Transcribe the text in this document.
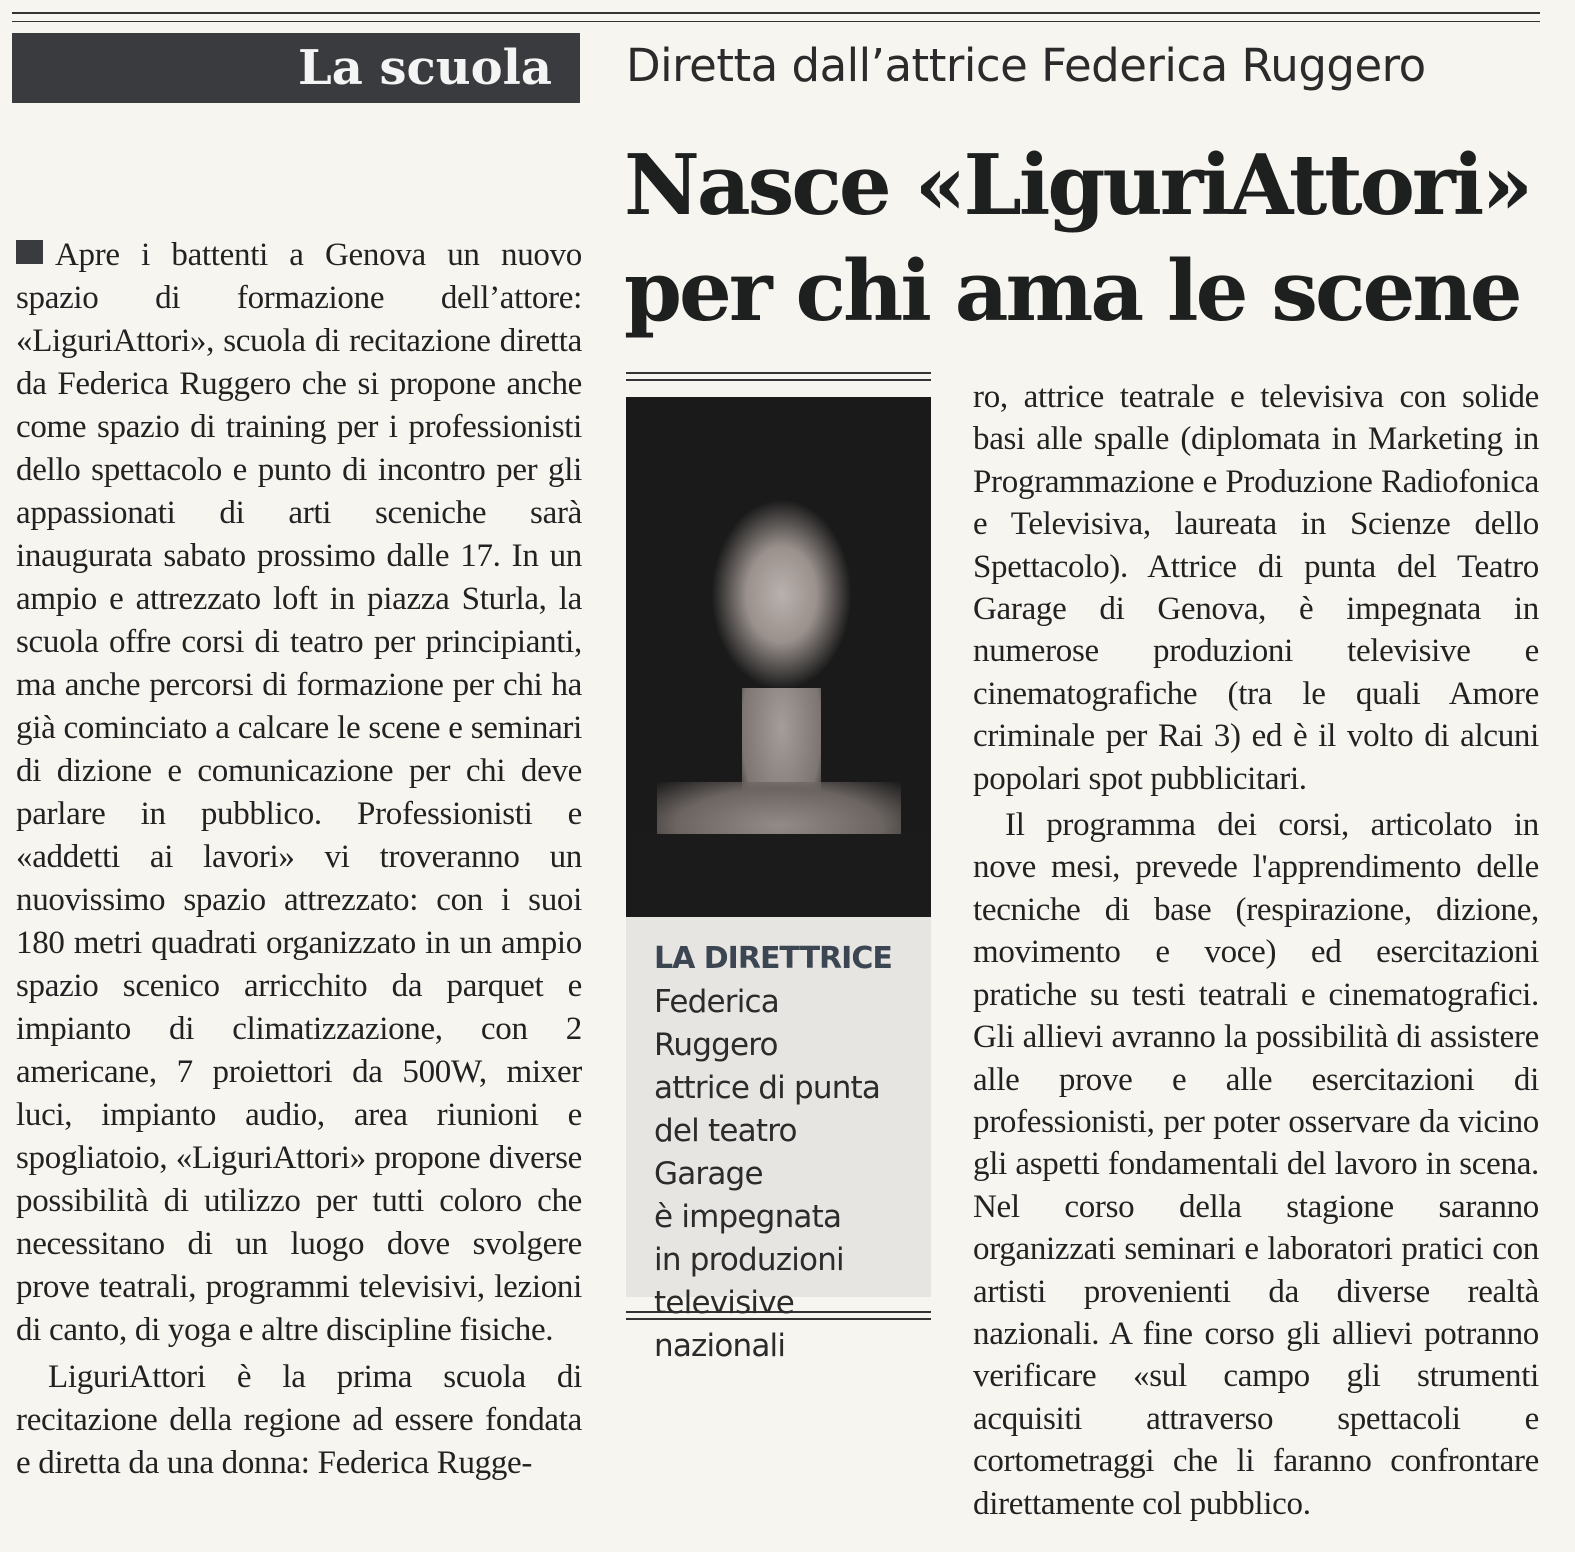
La scuola	Diretta dall’attrice Federica Ruggero
Nasce «LiguriAttori»
per chi ama le scene

Apre i battenti a Genova un nuovo spazio di formazione dell’attore: «LiguriAttori», scuola di recitazione diretta da Federica Ruggero che si propone anche come spazio di training per i professionisti dello spettacolo e punto di incontro per gli appassionati di arti sceniche sarà inaugurata sabato prossimo dalle 17. In un ampio e attrezzato loft in piazza Sturla, la scuola offre corsi di teatro per principianti, ma anche percorsi di formazione per chi ha già cominciato a calcare le scene e seminari di dizione e comunicazione per chi deve parlare in pubblico. Professionisti e «addetti ai lavori» vi troveranno un nuovissimo spazio attrezzato: con i suoi 180 metri quadrati organizzato in un ampio spazio scenico arricchito da parquet e impianto di climatizzazione, con 2 americane, 7 proiettori da 500W, mixer luci, impianto audio, area riunioni e spogliatoio, «LiguriAttori» propone diverse possibilità di utilizzo per tutti coloro che necessitano di un luogo dove svolgere prove teatrali, programmi televisivi, lezioni di canto, di yoga e altre discipline fisiche.

LiguriAttori è la prima scuola di recitazione della regione ad essere fondata e diretta da una donna: Federica Rugge-

LA DIRETTRICE
Federica Ruggero
attrice di punta
del teatro Garage
è impegnata
in produzioni
televisive
nazionali

ro, attrice teatrale e televisiva con solide basi alle spalle (diplomata in Marketing in Programmazione e Produzione Radiofonica e Televisiva, laureata in Scienze dello Spettacolo). Attrice di punta del Teatro Garage di Genova, è impegnata in numerose produzioni televisive e cinematografiche (tra le quali Amore criminale per Rai 3) ed è il volto di alcuni popolari spot pubblicitari.

Il programma dei corsi, articolato in nove mesi, prevede l'apprendimento delle tecniche di base (respirazione, dizione, movimento e voce) ed esercitazioni pratiche su testi teatrali e cinematografici. Gli allievi avranno la possibilità di assistere alle prove e alle esercitazioni di professionisti, per poter osservare da vicino gli aspetti fondamentali del lavoro in scena. Nel corso della stagione saranno organizzati seminari e laboratori pratici con artisti provenienti da diverse realtà nazionali. A fine corso gli allievi potranno verificare «sul campo gli strumenti acquisiti attraverso spettacoli e cortometraggi che li faranno confrontare direttamente col pubblico.
